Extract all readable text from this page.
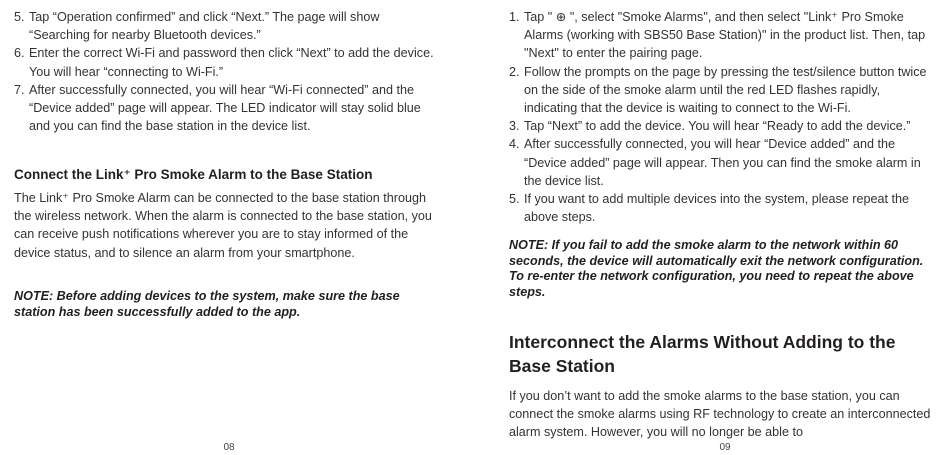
5. Tap “Operation confirmed” and click “Next.” The page will show “Searching for nearby Bluetooth devices.”
6. Enter the correct Wi-Fi and password then click “Next” to add the device. You will hear “connecting to Wi-Fi.”
7. After successfully connected, you will hear “Wi-Fi connected” and the “Device added” page will appear. The LED indicator will stay solid blue and you can find the base station in the device list.
Connect the Link⁺ Pro Smoke Alarm to the Base Station

The Link⁺ Pro Smoke Alarm can be connected to the base station through the wireless network. When the alarm is connected to the base station, you can receive push notifications wherever you are to stay informed of the device status, and to silence an alarm from your smartphone.

NOTE: Before adding devices to the system, make sure the base station has been successfully added to the app.

08
1. Tap " ⊕ ", select "Smoke Alarms", and then select "Link⁺ Pro Smoke Alarms (working with SBS50 Base Station)" in the product list. Then, tap "Next" to enter the pairing page.
2. Follow the prompts on the page by pressing the test/silence button twice on the side of the smoke alarm until the red LED flashes rapidly, indicating that the device is waiting to connect to the Wi-Fi.
3. Tap “Next” to add the device. You will hear “Ready to add the device.”
4. After successfully connected, you will hear “Device added” and the “Device added” page will appear. Then you can find the smoke alarm in the device list.
5. If you want to add multiple devices into the system, please repeat the above steps.

NOTE: If you fail to add the smoke alarm to the network within 60 seconds, the device will automatically exit the network configuration. To re-enter the network configuration, you need to repeat the above steps.

Interconnect the Alarms Without Adding to the Base Station

If you don’t want to add the smoke alarms to the base station, you can connect the smoke alarms using RF technology to create an interconnected alarm system. However, you will no longer be able to

09
